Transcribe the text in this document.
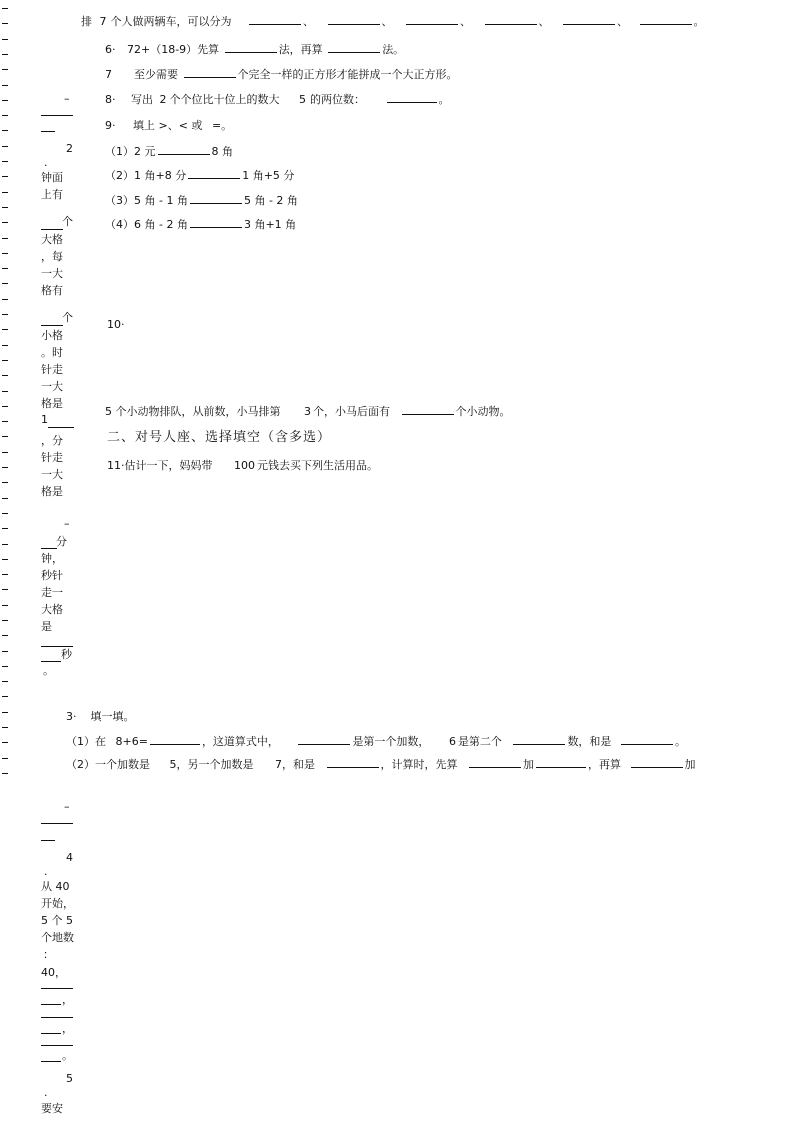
排 7 个人做两辆车，可以分为	、	、	、	、	、	。
6· 72+（18-9）先算	法，再算	法。
7 至少需要	个完全一样的正方形才能拼成一个大正方形。
8· 写出 2 个个位比十位上的数大 5 的两位数：	。
9· 填上 >、< 或 =。
（1）2 元	8 角
（2）1 角+8 分	1 角+5 分
（3）5 角 - 1 角	5 角 - 2 角
（4）6 角 - 2 角	3 角+1 角
10·
5 个小动物排队，从前数，小马排第 3 个，小马后面有	个小动物。
二、对号人座、选择填空（含多选）
11·估计一下，妈妈带 100 元钱去买下列生活用品。
–
2
.
钟面
上有
个
大格
，每
一大
格有
个
小格
。时
针走
一大
格是
1
，分
针走
一大
格是
–
分
钟，
秒针
走一
大格
是
秒
。
3· 填一填。
（1）在 8+6=	，这道算式中，	是第一个加数， 6 是第二个	数，和是	。
（2）一个加数是 5，另一个加数是 7，和是	，计算时，先算	加	，再算	加
–
4
.
从 40
开始，
5 个 5
个地数
：
40，
，
，
。
5
.
要安
